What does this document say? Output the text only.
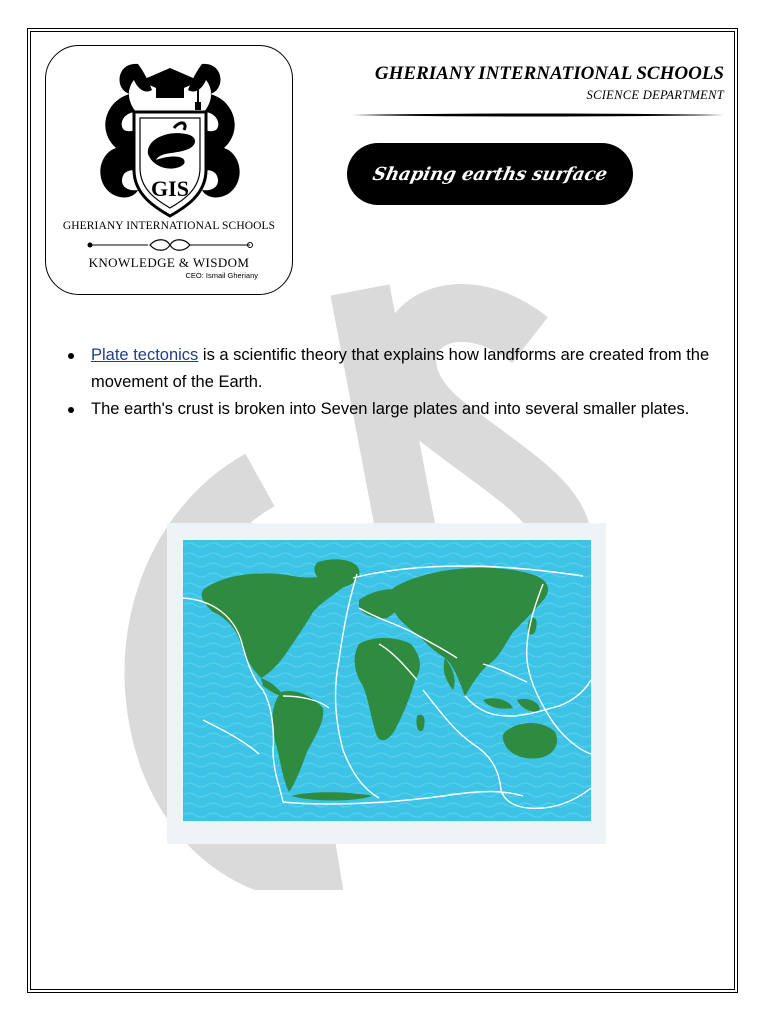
GIS
GHERIANY INTERNATIONAL SCHOOLS
KNOWLEDGE & WISDOM
CEO: Ismail Gheriany
GHERIANY INTERNATIONAL SCHOOLS
SCIENCE DEPARTMENT
Shaping earths surface
Plate tectonics is a scientific theory that explains how landforms are created from the movement of the Earth.
The earth's crust is broken into Seven large plates and into several smaller plates.
